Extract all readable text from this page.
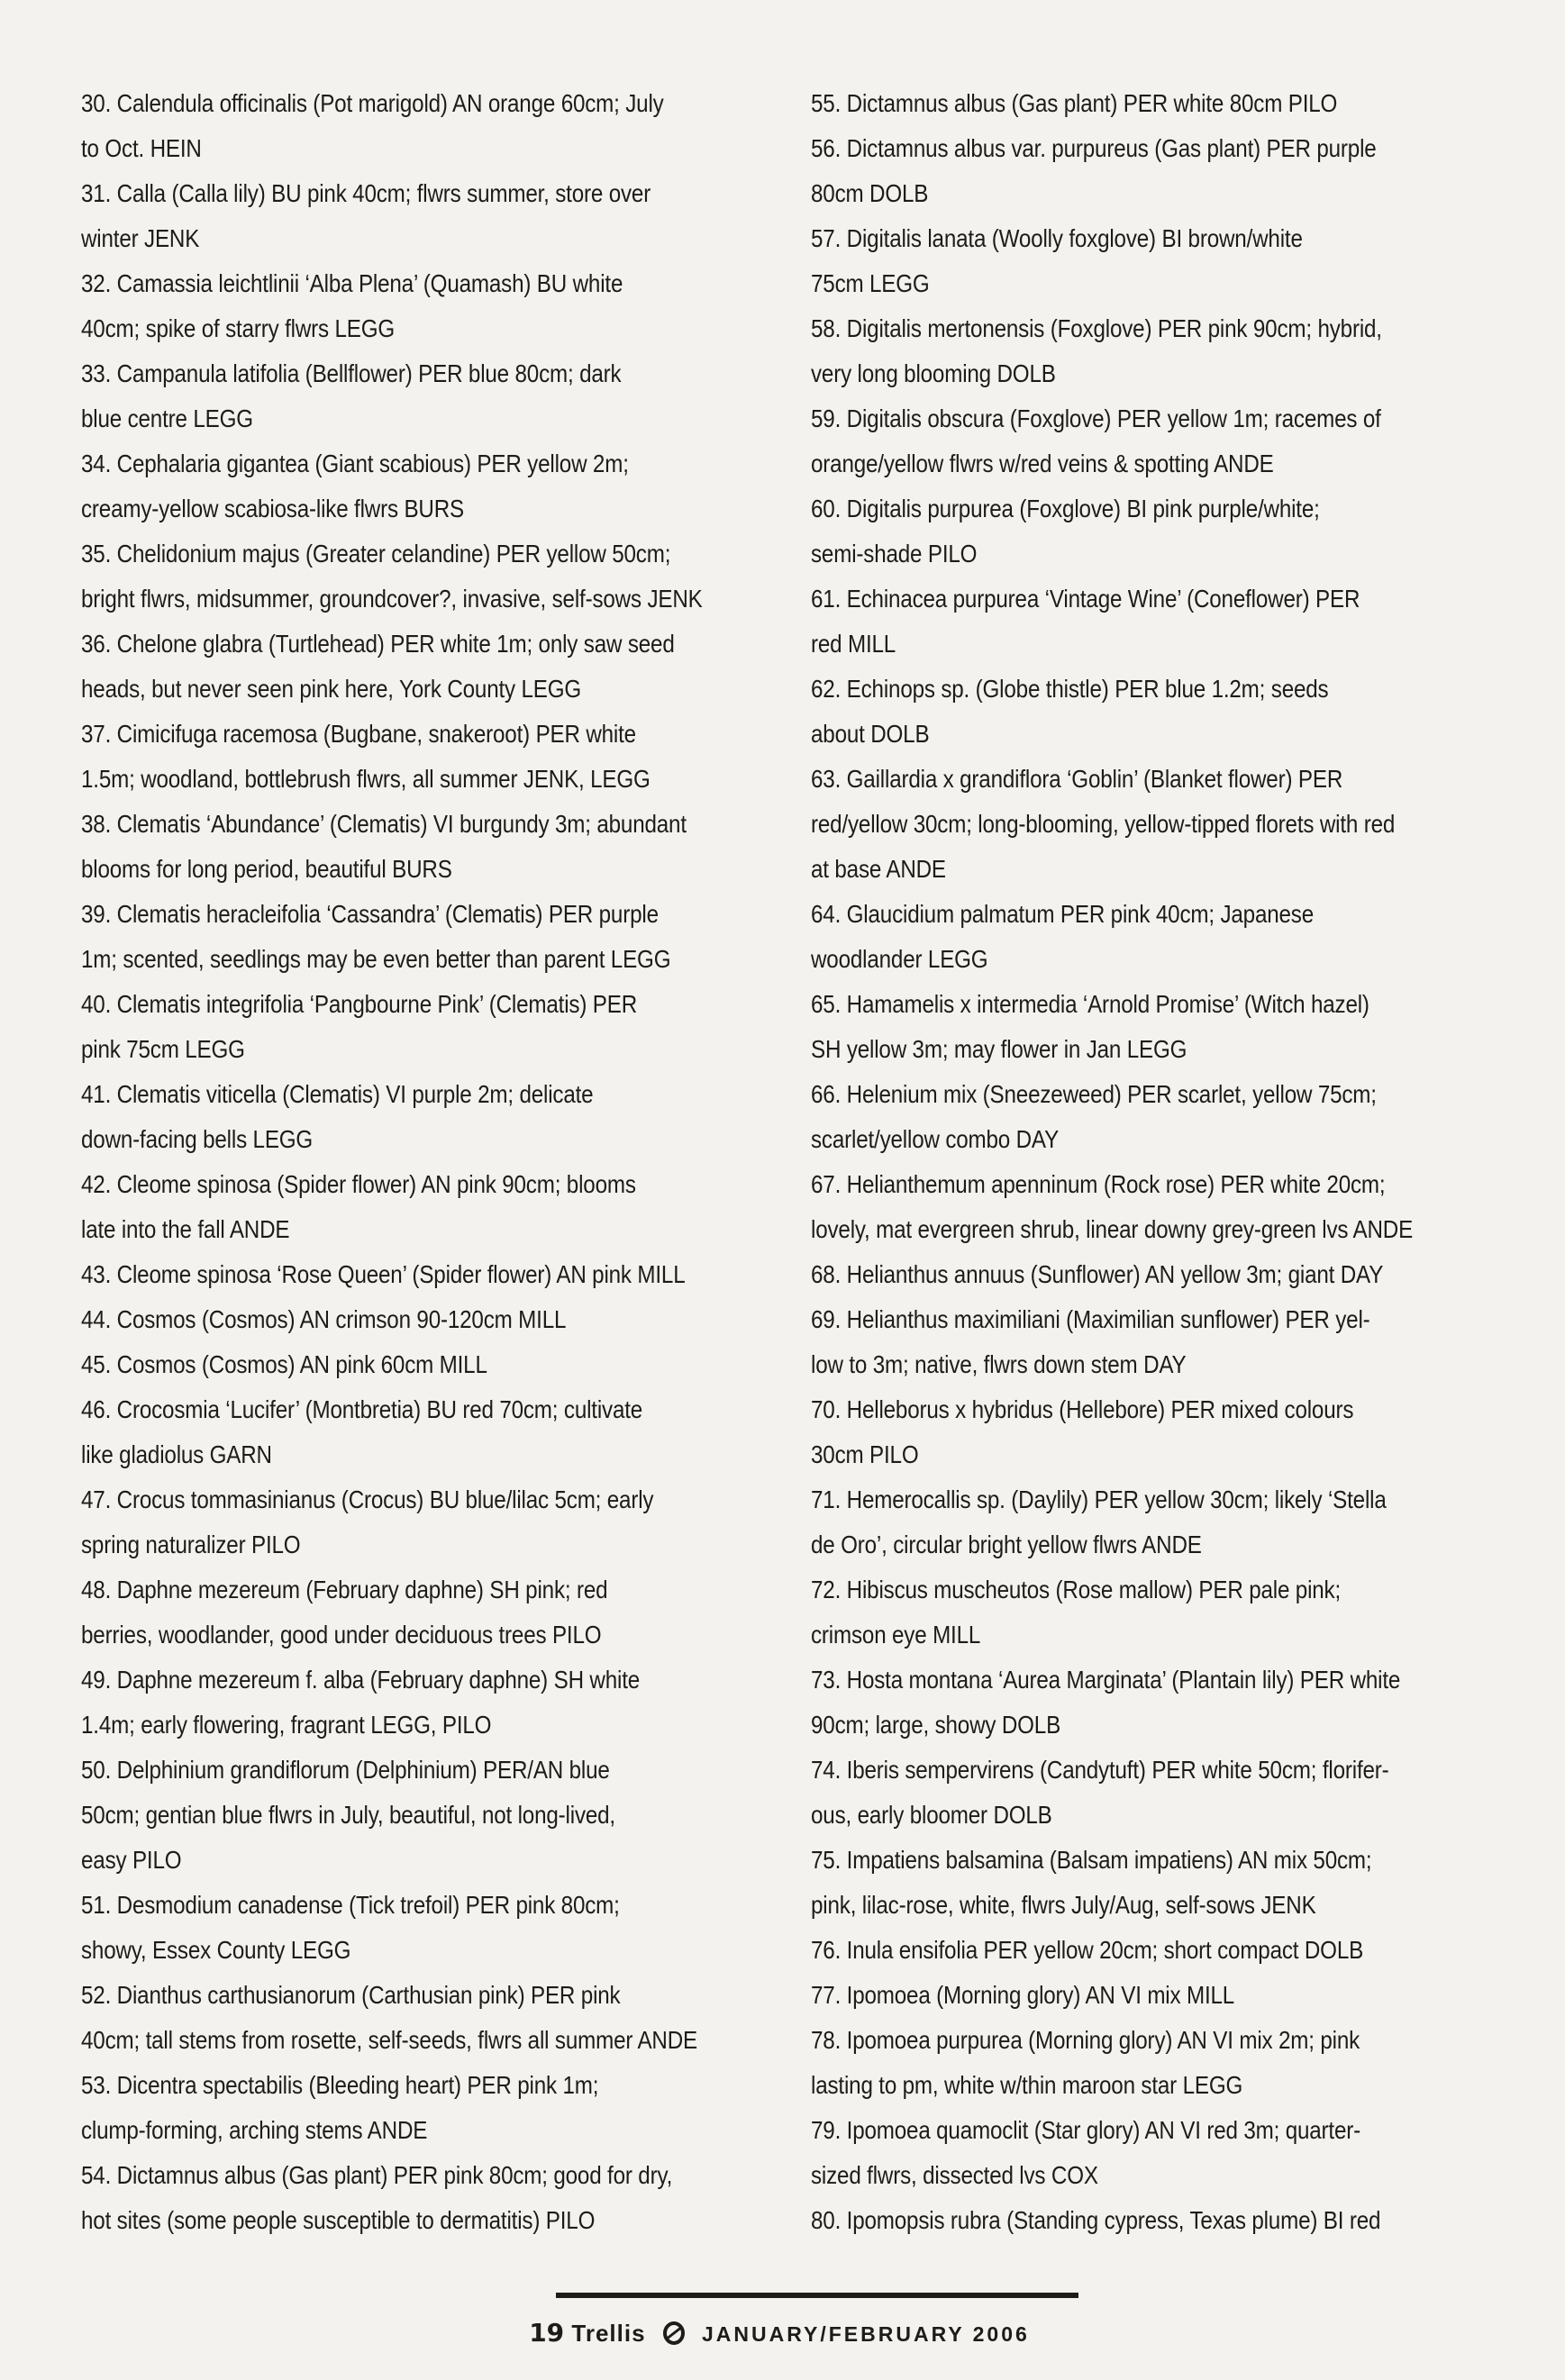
30. Calendula officinalis (Pot marigold) AN orange 60cm; July
to Oct. HEIN
31. Calla (Calla lily) BU pink 40cm; flwrs summer, store over
winter JENK
32. Camassia leichtlinii ‘Alba Plena’ (Quamash) BU white
40cm; spike of starry flwrs LEGG
33. Campanula latifolia (Bellflower) PER blue 80cm; dark
blue centre LEGG
34. Cephalaria gigantea (Giant scabious) PER yellow 2m;
creamy-yellow scabiosa-like flwrs BURS
35. Chelidonium majus (Greater celandine) PER yellow 50cm;
bright flwrs, midsummer, groundcover?, invasive, self-sows JENK
36. Chelone glabra (Turtlehead) PER white 1m; only saw seed
heads, but never seen pink here, York County LEGG
37. Cimicifuga racemosa (Bugbane, snakeroot) PER white
1.5m; woodland, bottlebrush flwrs, all summer JENK, LEGG
38. Clematis ‘Abundance’ (Clematis) VI burgundy 3m; abundant
blooms for long period, beautiful BURS
39. Clematis heracleifolia ‘Cassandra’ (Clematis) PER purple
1m; scented, seedlings may be even better than parent LEGG
40. Clematis integrifolia ‘Pangbourne Pink’ (Clematis) PER
pink 75cm LEGG
41. Clematis viticella (Clematis) VI purple 2m; delicate
down-facing bells LEGG
42. Cleome spinosa (Spider flower) AN pink 90cm; blooms
late into the fall ANDE
43. Cleome spinosa ‘Rose Queen’ (Spider flower) AN pink MILL
44. Cosmos (Cosmos) AN crimson 90-120cm MILL
45. Cosmos (Cosmos) AN pink 60cm MILL
46. Crocosmia ‘Lucifer’ (Montbretia) BU red 70cm; cultivate
like gladiolus GARN
47. Crocus tommasinianus (Crocus) BU blue/lilac 5cm; early
spring naturalizer PILO
48. Daphne mezereum (February daphne) SH pink; red
berries, woodlander, good under deciduous trees PILO
49. Daphne mezereum f. alba (February daphne) SH white
1.4m; early flowering, fragrant LEGG, PILO
50. Delphinium grandiflorum (Delphinium) PER/AN blue
50cm; gentian blue flwrs in July, beautiful, not long-lived,
easy PILO
51. Desmodium canadense (Tick trefoil) PER pink 80cm;
showy, Essex County LEGG
52. Dianthus carthusianorum (Carthusian pink) PER pink
40cm; tall stems from rosette, self-seeds, flwrs all summer ANDE
53. Dicentra spectabilis (Bleeding heart) PER pink 1m;
clump-forming, arching stems ANDE
54. Dictamnus albus (Gas plant) PER pink 80cm; good for dry,
hot sites (some people susceptible to dermatitis) PILO
55. Dictamnus albus (Gas plant) PER white 80cm PILO
56. Dictamnus albus var. purpureus (Gas plant) PER purple
80cm DOLB
57. Digitalis lanata (Woolly foxglove) BI brown/white
75cm LEGG
58. Digitalis mertonensis (Foxglove) PER pink 90cm; hybrid,
very long blooming DOLB
59. Digitalis obscura (Foxglove) PER yellow 1m; racemes of
orange/yellow flwrs w/red veins & spotting ANDE
60. Digitalis purpurea (Foxglove) BI pink purple/white;
semi-shade PILO
61. Echinacea purpurea ‘Vintage Wine’ (Coneflower) PER
red MILL
62. Echinops sp. (Globe thistle) PER blue 1.2m; seeds
about DOLB
63. Gaillardia x grandiflora ‘Goblin’ (Blanket flower) PER
red/yellow 30cm; long-blooming, yellow-tipped florets with red
at base ANDE
64. Glaucidium palmatum PER pink 40cm; Japanese
woodlander LEGG
65. Hamamelis x intermedia ‘Arnold Promise’ (Witch hazel)
SH yellow 3m; may flower in Jan LEGG
66. Helenium mix (Sneezeweed) PER scarlet, yellow 75cm;
scarlet/yellow combo DAY
67. Helianthemum apenninum (Rock rose) PER white 20cm;
lovely, mat evergreen shrub, linear downy grey-green lvs ANDE
68. Helianthus annuus (Sunflower) AN yellow 3m; giant DAY
69. Helianthus maximiliani (Maximilian sunflower) PER yel-
low to 3m; native, flwrs down stem DAY
70. Helleborus x hybridus (Hellebore) PER mixed colours
30cm PILO
71. Hemerocallis sp. (Daylily) PER yellow 30cm; likely ‘Stella
de Oro’, circular bright yellow flwrs ANDE
72. Hibiscus muscheutos (Rose mallow) PER pale pink;
crimson eye MILL
73. Hosta montana ‘Aurea Marginata’ (Plantain lily) PER white
90cm; large, showy DOLB
74. Iberis sempervirens (Candytuft) PER white 50cm; florifer-
ous, early bloomer DOLB
75. Impatiens balsamina (Balsam impatiens) AN mix 50cm;
pink, lilac-rose, white, flwrs July/Aug, self-sows JENK
76. Inula ensifolia PER yellow 20cm; short compact DOLB
77. Ipomoea (Morning glory) AN VI mix MILL
78. Ipomoea purpurea (Morning glory) AN VI mix 2m; pink
lasting to pm, white w/thin maroon star LEGG
79. Ipomoea quamoclit (Star glory) AN VI red 3m; quarter-
sized flwrs, dissected lvs COX
80. Ipomopsis rubra (Standing cypress, Texas plume) BI red
19 Trellis	JANUARY/FEBRUARY 2006
